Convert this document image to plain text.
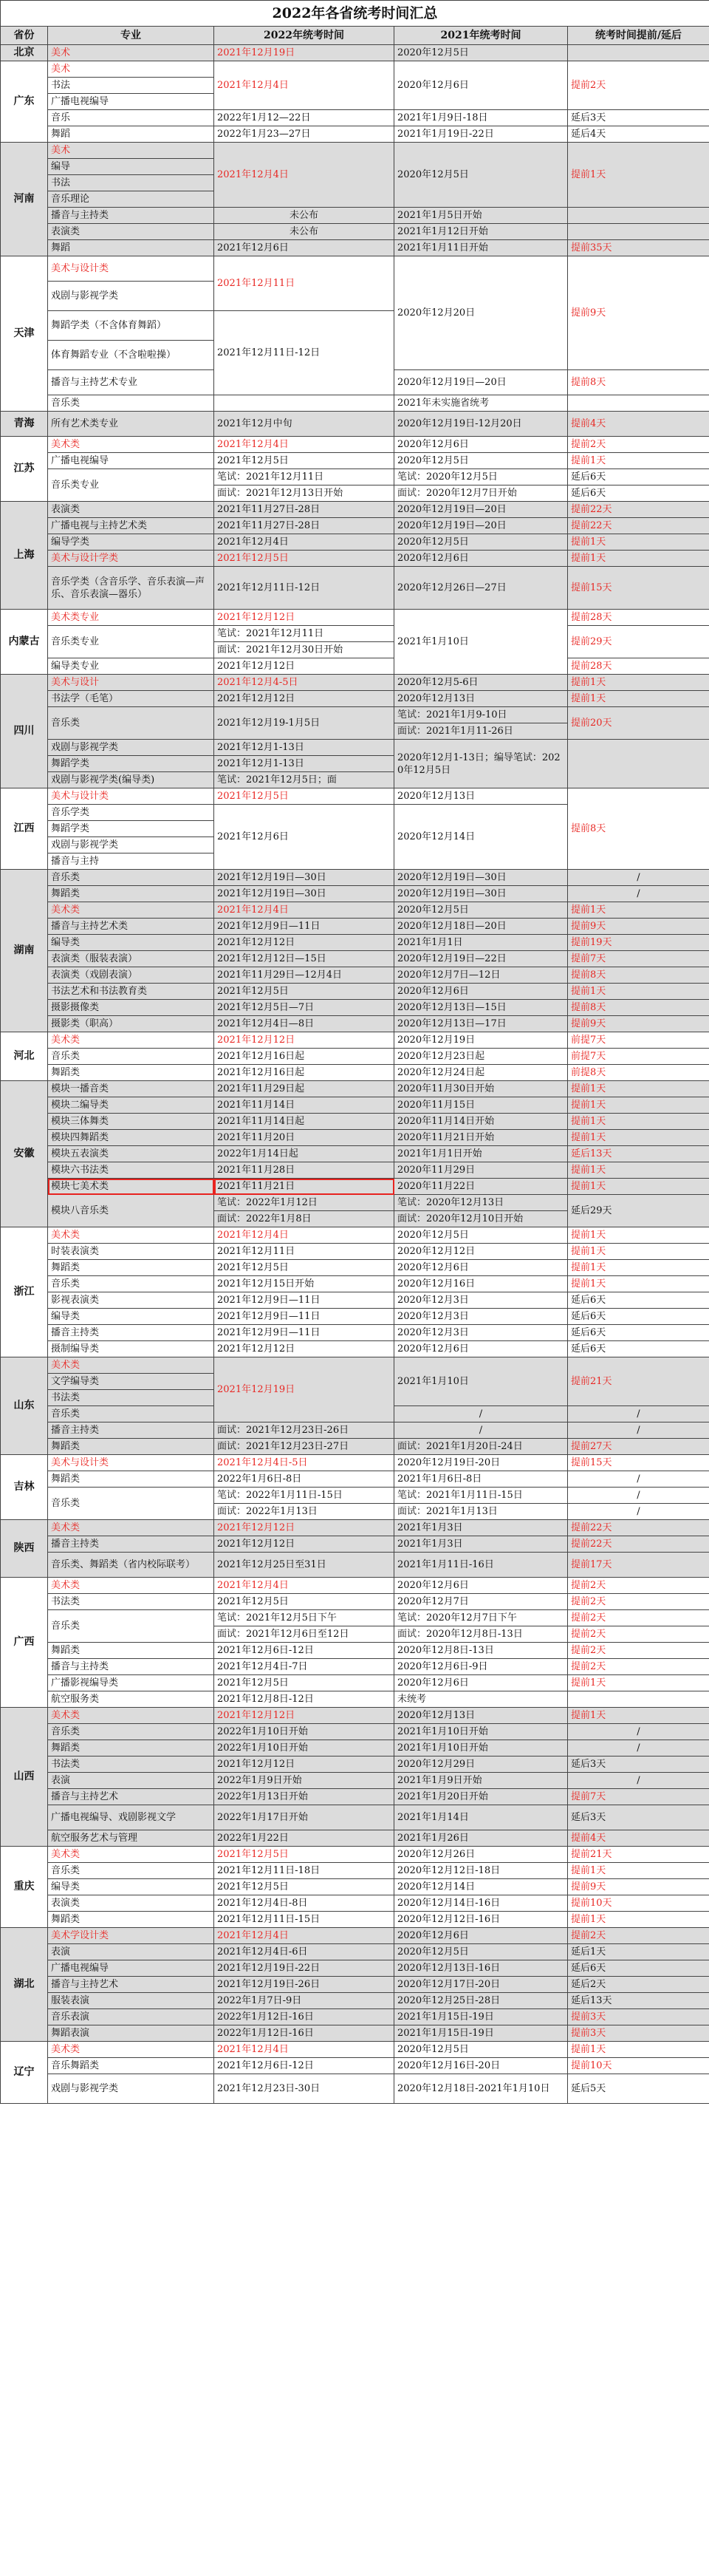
2022年各省统考时间汇总				
省份	专业	2022年统考时间	2021年统考时间	统考时间提前/延后
北京	美术	2021年12月19日	2020年12月5日	
广东	美术	2021年12月4日	2020年12月6日	提前2天
	书法			
	广播电视编导			
	音乐	2022年1月12—22日	2021年1月9日-18日	延后3天
	舞蹈	2022年1月23—27日	2021年1月19日-22日	延后4天
河南	美术	2021年12月4日	2020年12月5日	提前1天
	编导			
	书法			
	音乐理论			
	播音与主持类	未公布	2021年1月5日开始	
	表演类	未公布	2021年1月12日开始	
	舞蹈	2021年12月6日	2021年1月11日开始	提前35天
天津	美术与设计类	2021年12月11日	2020年12月20日	提前9天
	戏剧与影视学类			
	舞蹈学类（不含体育舞蹈）	2021年12月11日-12日		
	体育舞蹈专业（不含啦啦操）			
	播音与主持艺术专业		2020年12月19日—20日	提前8天
	音乐类		2021年未实施省统考	
青海	所有艺术类专业	2021年12月中旬	2020年12月19日-12月20日	提前4天
江苏	美术类	2021年12月4日	2020年12月6日	提前2天
	广播电视编导	2021年12月5日	2020年12月5日	提前1天
	音乐类专业	笔试：2021年12月11日	笔试：2020年12月5日	延后6天
		面试：2021年12月13日开始	面试：2020年12月7日开始	延后6天
上海	表演类	2021年11月27日-28日	2020年12月19日—20日	提前22天
	广播电视与主持艺术类	2021年11月27日-28日	2020年12月19日—20日	提前22天
	编导学类	2021年12月4日	2020年12月5日	提前1天
	美术与设计学类	2021年12月5日	2020年12月6日	提前1天
	音乐学类（含音乐学、音乐表演—声乐、音乐表演—器乐）	2021年12月11日-12日	2020年12月26日—27日	提前15天
内蒙古	美术类专业	2021年12月12日	2021年1月10日	提前28天
	音乐类专业	笔试：2021年12月11日		提前29天
		面试：2021年12月30日开始		
	编导类专业	2021年12月12日		提前28天
四川	美术与设计	2021年12月4-5日	2020年12月5-6日	提前1天
	书法学（毛笔）	2021年12月12日	2020年12月13日	提前1天
	音乐类	2021年12月19-1月5日	笔试：2021年1月9-10日	提前20天
			面试：2021年1月11-26日	
	戏剧与影视学类	2021年12月1-13日	2020年12月1-13日；编导笔试：2020年12月5日	
	舞蹈学类	2021年12月1-13日		
	戏剧与影视学类(编导类)	笔试：2021年12月5日；面		
江西	美术与设计类	2021年12月5日	2020年12月13日	提前8天
	音乐学类	2021年12月6日	2020年12月14日	
	舞蹈学类			
	戏剧与影视学类			
	播音与主持			
湖南	音乐类	2021年12月19日—30日	2020年12月19日—30日	/
	舞蹈类	2021年12月19日—30日	2020年12月19日—30日	/
	美术类	2021年12月4日	2020年12月5日	提前1天
	播音与主持艺术类	2021年12月9日—11日	2020年12月18日—20日	提前9天
	编导类	2021年12月12日	2021年1月1日	提前19天
	表演类（服装表演）	2021年12月12日—15日	2020年12月19日—22日	提前7天
	表演类（戏剧表演）	2021年11月29日—12月4日	2020年12月7日—12日	提前8天
	书法艺术和书法教育类	2021年12月5日	2020年12月6日	提前1天
	摄影摄像类	2021年12月5日—7日	2020年12月13日—15日	提前8天
	摄影类（职高）	2021年12月4日—8日	2020年12月13日—17日	提前9天
河北	美术类	2021年12月12日	2020年12月19日	前提7天
	音乐类	2021年12月16日起	2020年12月23日起	前提7天
	舞蹈类	2021年12月16日起	2020年12月24日起	前提8天
安徽	模块一播音类	2021年11月29日起	2020年11月30日开始	提前1天
	模块二编导类	2021年11月14日	2020年11月15日	提前1天
	模块三体舞类	2021年11月14日起	2020年11月14日开始	提前1天
	模块四舞蹈类	2021年11月20日	2020年11月21日开始	提前1天
	模块五表演类	2022年1月14日起	2021年1月1日开始	延后13天
	模块六书法类	2021年11月28日	2020年11月29日	提前1天
	模块七美术类	2021年11月21日	2020年11月22日	提前1天
	模块八音乐类	笔试：2022年1月12日	笔试：2020年12月13日	延后29天
		面试：2022年1月8日	面试：2020年12月10日开始	
浙江	美术类	2021年12月4日	2020年12月5日	提前1天
	时装表演类	2021年12月11日	2020年12月12日	提前1天
	舞蹈类	2021年12月5日	2020年12月6日	提前1天
	音乐类	2021年12月15日开始	2020年12月16日	提前1天
	影视表演类	2021年12月9日—11日	2020年12月3日	延后6天
	编导类	2021年12月9日—11日	2020年12月3日	延后6天
	播音主持类	2021年12月9日—11日	2020年12月3日	延后6天
	摄制编导类	2021年12月12日	2020年12月6日	延后6天
山东	美术类	2021年12月19日	2021年1月10日	提前21天
	文学编导类			
	书法类			
	音乐类		/	/
	播音主持类	面试：2021年12月23日-26日	/	/
	舞蹈类	面试：2021年12月23日-27日	面试：2021年1月20日-24日	提前27天
吉林	美术与设计类	2021年12月4日-5日	2020年12月19日-20日	提前15天
	舞蹈类	2022年1月6日-8日	2021年1月6日-8日	/
	音乐类	笔试：2022年1月11日-15日	笔试：2021年1月11日-15日	/
		面试：2022年1月13日	面试：2021年1月13日	/
陕西	美术类	2021年12月12日	2021年1月3日	提前22天
	播音主持类	2021年12月12日	2021年1月3日	提前22天
	音乐类、舞蹈类（省内校际联考）	2021年12月25日至31日	2021年1月11日-16日	提前17天
广西	美术类	2021年12月4日	2020年12月6日	提前2天
	书法类	2021年12月5日	2020年12月7日	提前2天
	音乐类	笔试：2021年12月5日下午	笔试：2020年12月7日下午	提前2天
		面试：2021年12月6日至12日	面试：2020年12月8日-13日	提前2天
	舞蹈类	2021年12月6日-12日	2020年12月8日-13日	提前2天
	播音与主持类	2021年12月4日-7日	2020年12月6日-9日	提前2天
	广播影视编导类	2021年12月5日	2020年12月6日	提前1天
	航空服务类	2021年12月8日-12日	未统考	
山西	美术类	2021年12月12日	2020年12月13日	提前1天
	音乐类	2022年1月10日开始	2021年1月10日开始	/
	舞蹈类	2022年1月10日开始	2021年1月10日开始	/
	书法类	2021年12月12日	2020年12月29日	延后3天
	表演	2022年1月9日开始	2021年1月9日开始	/
	播音与主持艺术	2022年1月13日开始	2021年1月20日开始	提前7天
	广播电视编导、戏剧影视文学	2022年1月17日开始	2021年1月14日	延后3天
	航空服务艺术与管理	2022年1月22日	2021年1月26日	提前4天
重庆	美术类	2021年12月5日	2020年12月26日	提前21天
	音乐类	2021年12月11日-18日	2020年12月12日-18日	提前1天
	编导类	2021年12月5日	2020年12月14日	提前9天
	表演类	2021年12月4日-8日	2020年12月14日-16日	提前10天
	舞蹈类	2021年12月11日-15日	2020年12月12日-16日	提前1天
湖北	美术学设计类	2021年12月4日	2020年12月6日	提前2天
	表演	2021年12月4日-6日	2020年12月5日	延后1天
	广播电视编导	2021年12月19日-22日	2020年12月13日-16日	延后6天
	播音与主持艺术	2021年12月19日-26日	2020年12月17日-20日	延后2天
	服装表演	2022年1月7日-9日	2020年12月25日-28日	延后13天
	音乐表演	2022年1月12日-16日	2021年1月15日-19日	提前3天
	舞蹈表演	2022年1月12日-16日	2021年1月15日-19日	提前3天
辽宁	美术类	2021年12月4日	2020年12月5日	提前1天
	音乐舞蹈类	2021年12月6日-12日	2020年12月16日-20日	提前10天
	戏剧与影视学类	2021年12月23日-30日	2020年12月18日-2021年1月10日	延后5天
